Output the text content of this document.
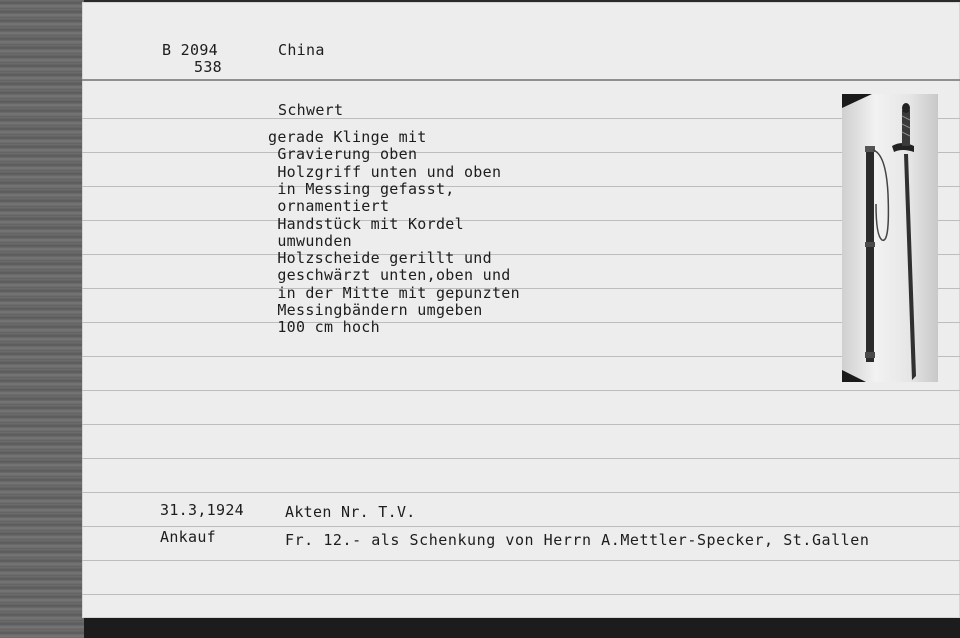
B 2094
538
China
Schwert
gerade Klinge mit
Gravierung oben
Holzgriff unten und oben
in Messing gefasst,
ornamentiert
Handstück mit Kordel
umwunden
Holzscheide gerillt und
geschwärzt unten,oben und
in der Mitte mit gepunzten
Messingbändern umgeben
100 cm hoch
31.3,1924	Akten Nr. T.V.
Ankauf	Fr. 12.- als Schenkung von Herrn A.Mettler-Specker, St.Gallen
